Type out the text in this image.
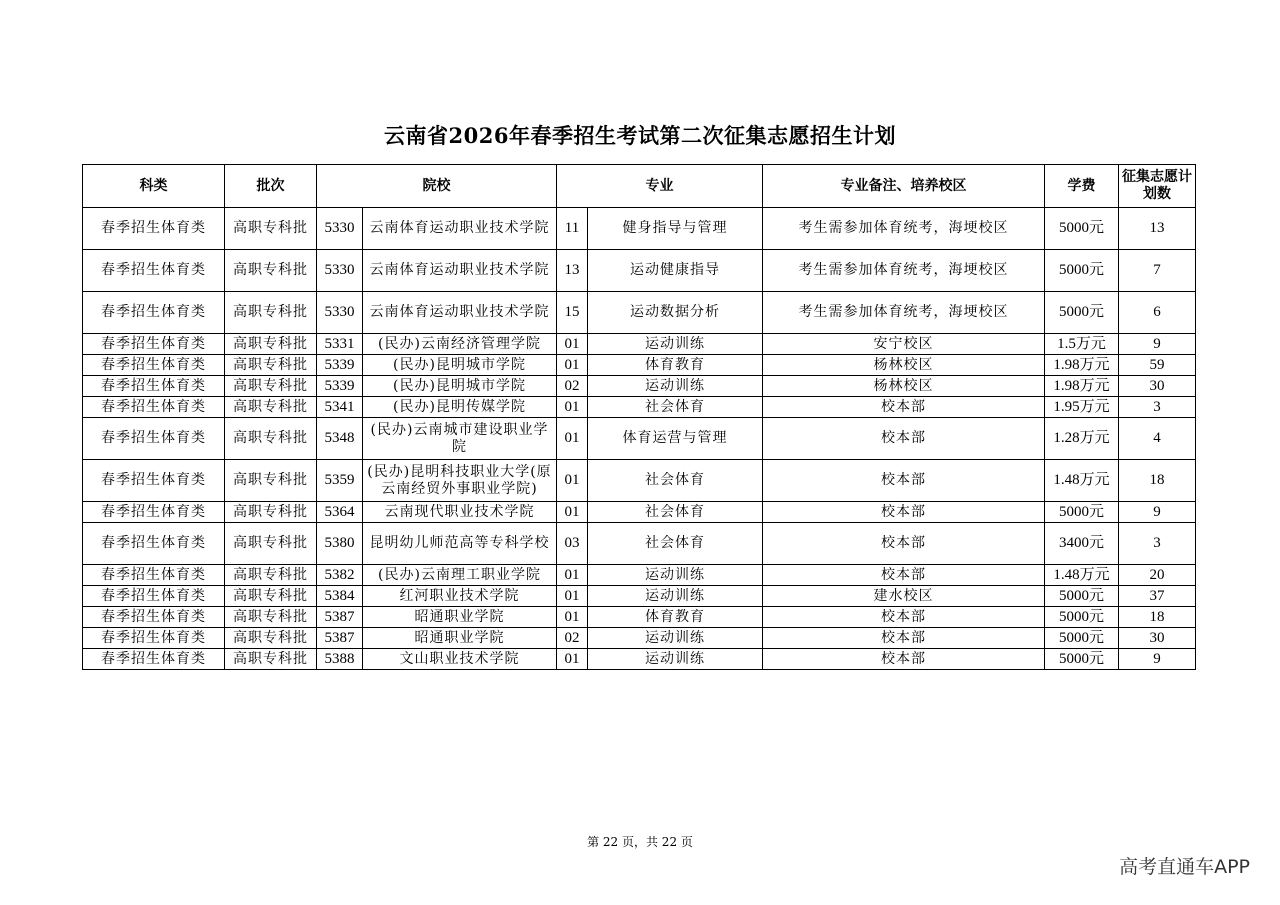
云南省2026年春季招生考试第二次征集志愿招生计划
科类	批次	院校		专业		专业备注、培养校区	学费	征集志愿计划数
春季招生体育类	高职专科批	5330	云南体育运动职业技术学院	11	健身指导与管理	考生需参加体育统考，海埂校区	5000元	13
春季招生体育类	高职专科批	5330	云南体育运动职业技术学院	13	运动健康指导	考生需参加体育统考，海埂校区	5000元	7
春季招生体育类	高职专科批	5330	云南体育运动职业技术学院	15	运动数据分析	考生需参加体育统考，海埂校区	5000元	6
春季招生体育类	高职专科批	5331	(民办)云南经济管理学院	01	运动训练	安宁校区	1.5万元	9
春季招生体育类	高职专科批	5339	(民办)昆明城市学院	01	体育教育	杨林校区	1.98万元	59
春季招生体育类	高职专科批	5339	(民办)昆明城市学院	02	运动训练	杨林校区	1.98万元	30
春季招生体育类	高职专科批	5341	(民办)昆明传媒学院	01	社会体育	校本部	1.95万元	3
春季招生体育类	高职专科批	5348	(民办)云南城市建设职业学院	01	体育运营与管理	校本部	1.28万元	4
春季招生体育类	高职专科批	5359	(民办)昆明科技职业大学(原云南经贸外事职业学院)	01	社会体育	校本部	1.48万元	18
春季招生体育类	高职专科批	5364	云南现代职业技术学院	01	社会体育	校本部	5000元	9
春季招生体育类	高职专科批	5380	昆明幼儿师范高等专科学校	03	社会体育	校本部	3400元	3
春季招生体育类	高职专科批	5382	(民办)云南理工职业学院	01	运动训练	校本部	1.48万元	20
春季招生体育类	高职专科批	5384	红河职业技术学院	01	运动训练	建水校区	5000元	37
春季招生体育类	高职专科批	5387	昭通职业学院	01	体育教育	校本部	5000元	18
春季招生体育类	高职专科批	5387	昭通职业学院	02	运动训练	校本部	5000元	30
春季招生体育类	高职专科批	5388	文山职业技术学院	01	运动训练	校本部	5000元	9
第 22 页，共 22 页
高考直通车APP
